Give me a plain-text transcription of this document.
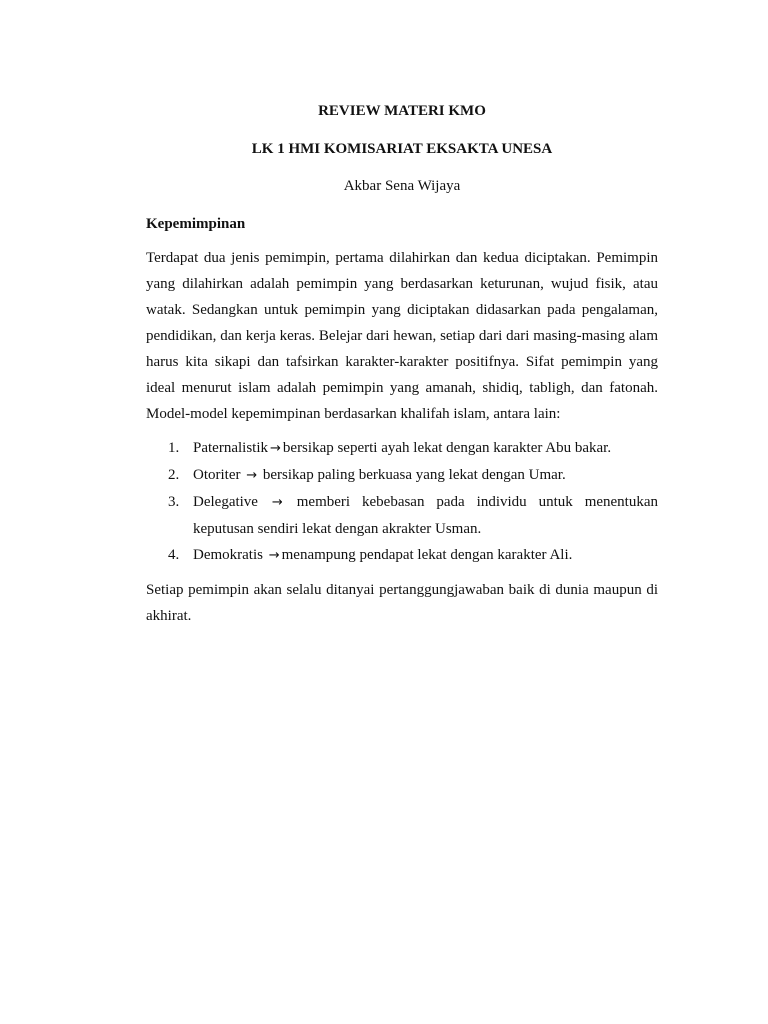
REVIEW MATERI KMO

LK 1 HMI KOMISARIAT EKSAKTA UNESA

Akbar Sena Wijaya

Kepemimpinan

Terdapat dua jenis pemimpin, pertama dilahirkan dan kedua diciptakan. Pemimpin yang dilahirkan adalah pemimpin yang berdasarkan keturunan, wujud fisik, atau watak. Sedangkan untuk pemimpin yang diciptakan didasarkan pada pengalaman, pendidikan, dan kerja keras. Belejar dari hewan, setiap dari dari masing-masing alam harus kita sikapi dan tafsirkan karakter-karakter positifnya. Sifat pemimpin yang ideal menurut islam adalah pemimpin yang amanah, shidiq, tabligh, dan fatonah. Model-model kepemimpinan berdasarkan khalifah islam, antara lain:

1. Paternalistik → bersikap seperti ayah lekat dengan karakter Abu bakar.
2. Otoriter → bersikap paling berkuasa yang lekat dengan Umar.
3. Delegative → memberi kebebasan pada individu untuk menentukan keputusan sendiri lekat dengan akrakter Usman.
4. Demokratis → menampung pendapat lekat dengan karakter Ali.

Setiap pemimpin akan selalu ditanyai pertanggungjawaban baik di dunia maupun di akhirat.
